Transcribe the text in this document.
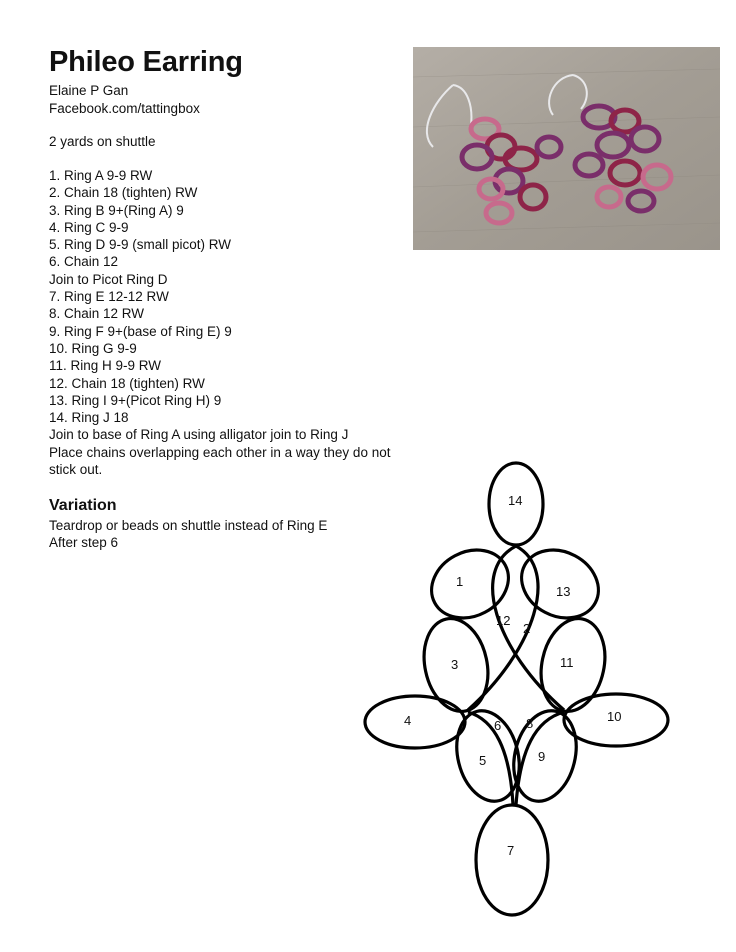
Phileo Earring
Elaine P Gan
Facebook.com/tattingbox
2 yards on shuttle
1. Ring A 9-9 RW
2. Chain 18 (tighten) RW
3. Ring B 9+(Ring A) 9
4. Ring C 9-9
5. Ring D 9-9 (small picot) RW
6. Chain 12
Join to Picot Ring D
7. Ring E 12-12 RW
8. Chain 12 RW
9. Ring F 9+(base of Ring E) 9
10. Ring G 9-9
11. Ring H 9-9 RW
12. Chain 18 (tighten) RW
13. Ring I 9+(Picot Ring H) 9
14. Ring J 18
Join to base of Ring A using alligator join to Ring J
Place chains overlapping each other in a way they do not stick out.
Variation
Teardrop or beads on shuttle instead of Ring E
After step 6
14
1
13
12
2
3	11
4	6 8	10
5	9
7
